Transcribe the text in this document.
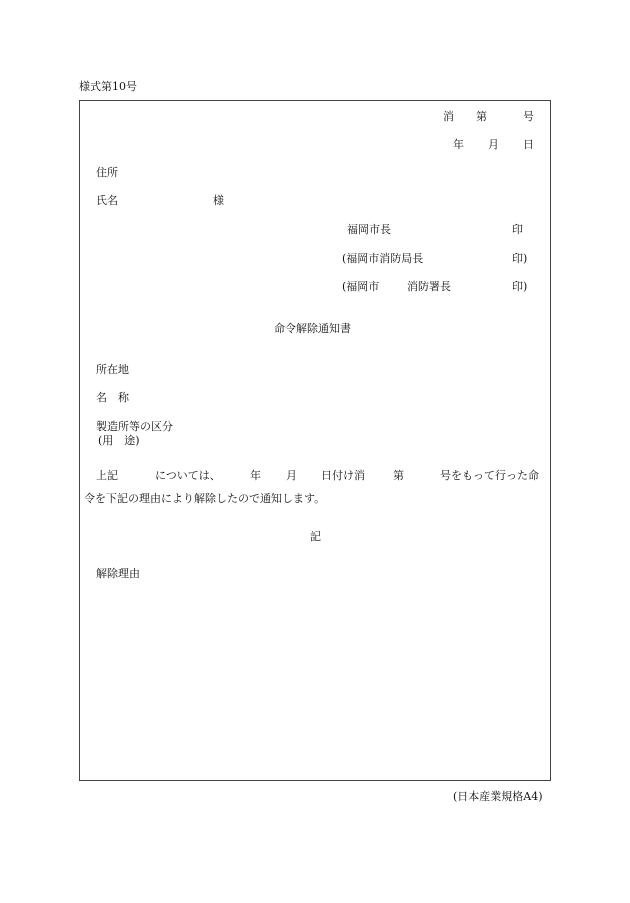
様式第10号
消 第	号
年 月 日
住所
氏名	様
福岡市長	印
(福岡市消防局長	印)
(福岡市	消防署長	印)
命令解除通知書
所在地
名　称
製造所等の区分
(用　途)
上記	については、	年 月 日付け消	第	号をもって行った命
令を下記の理由により解除したので通知します。
記
解除理由
(日本産業規格A4)
